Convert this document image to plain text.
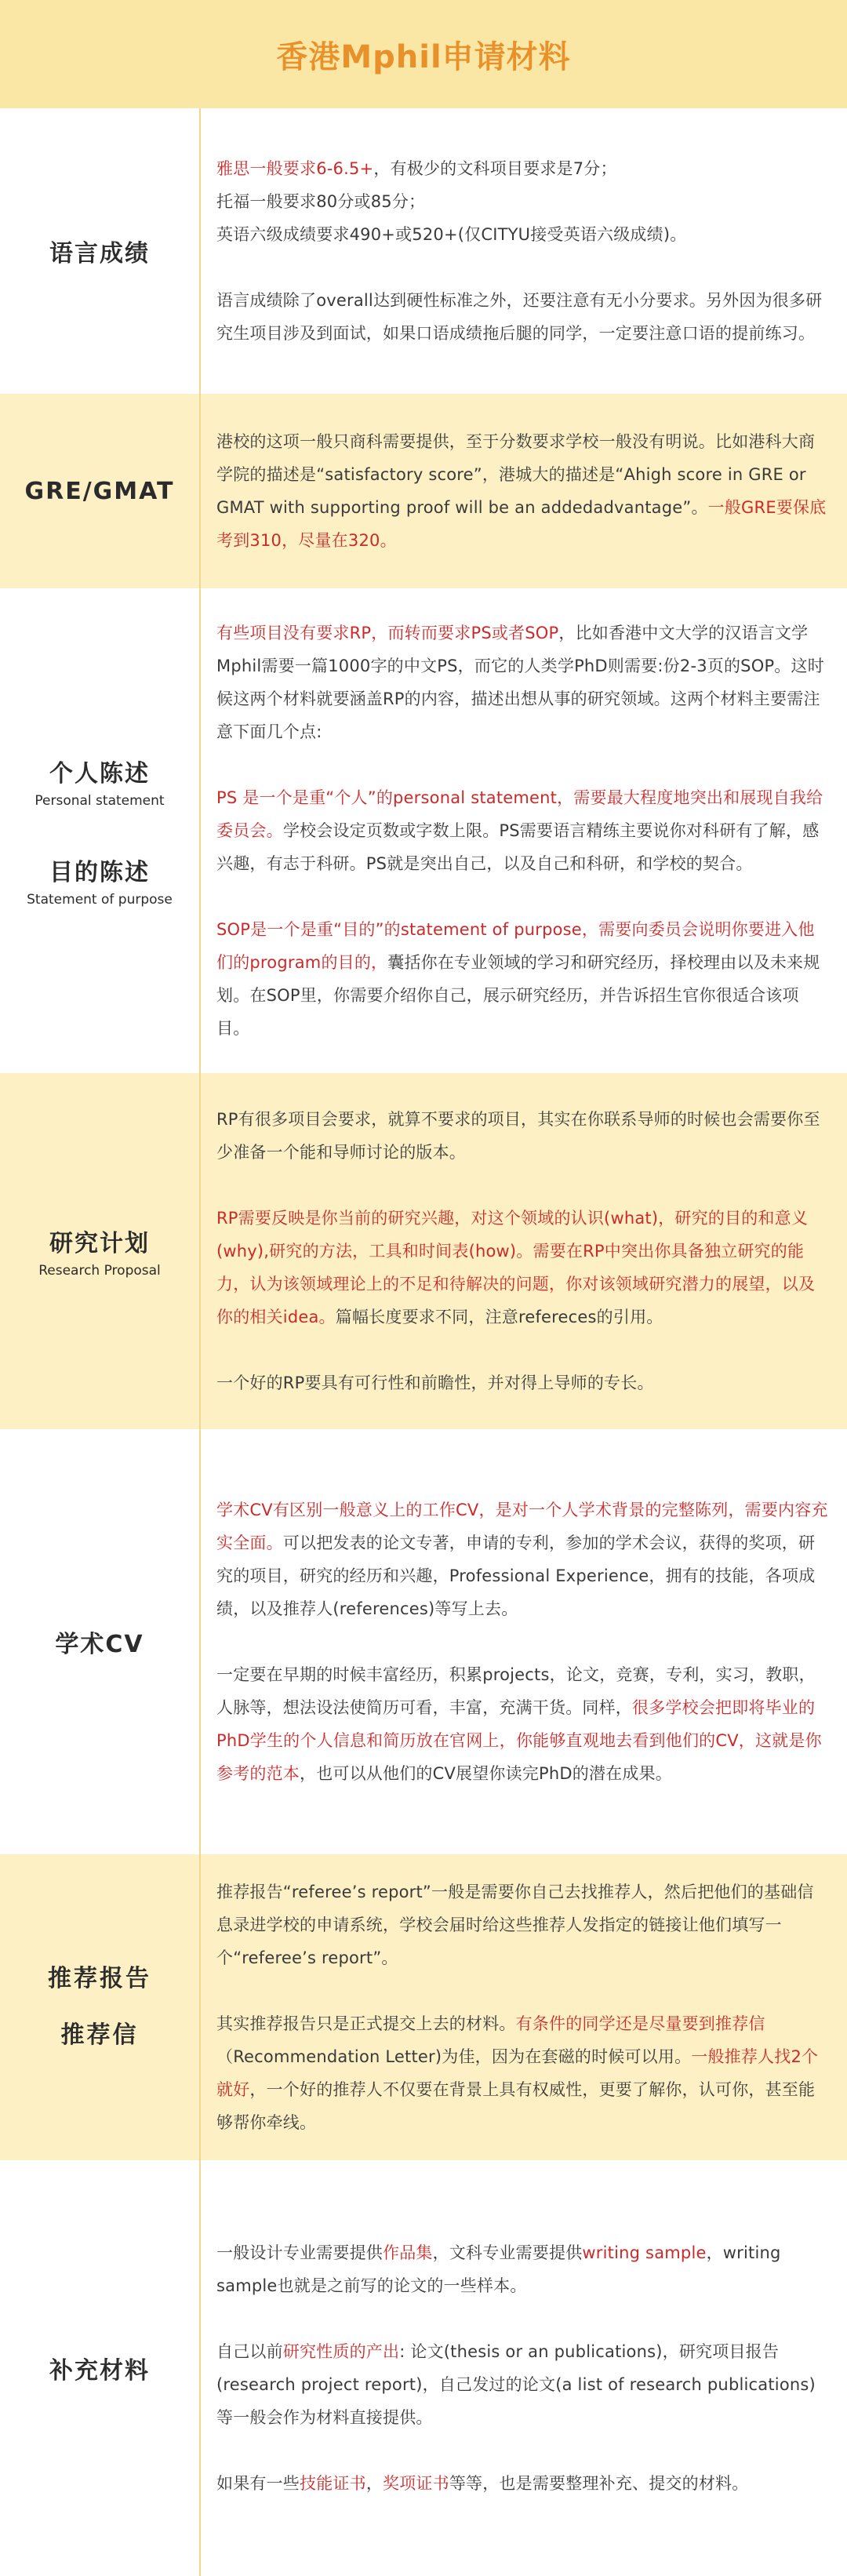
香港Mphil申请材料
语言成绩

雅思一般要求6-6.5+，有极少的文科项目要求是7分；
托福一般要求80分或85分；
英语六级成绩要求490+或520+(仅CITYU接受英语六级成绩)。

语言成绩除了overall达到硬性标准之外，还要注意有无小分要求。另外因为很多研究生项目涉及到面试，如果口语成绩拖后腿的同学，一定要注意口语的提前练习。

GRE/GMAT

港校的这项一般只商科需要提供，至于分数要求学校一般没有明说。比如港科大商学院的描述是“satisfactory score”，港城大的描述是“Ahigh score in GRE or GMAT with supporting proof will be an addedadvantage”。一般GRE要保底考到310，尽量在320。

个人陈述
Personal statement
目的陈述
Statement of purpose

有些项目没有要求RP，而转而要求PS或者SOP，比如香港中文大学的汉语言文学Mphil需要一篇1000字的中文PS，而它的人类学PhD则需要:份2-3页的SOP。这时候这两个材料就要涵盖RP的内容，描述出想从事的研究领域。这两个材料主要需注意下面几个点:

PS 是一个是重“个人”的personal statement，需要最大程度地突出和展现自我给委员会。学校会设定页数或字数上限。PS需要语言精练主要说你对科研有了解，感兴趣，有志于科研。PS就是突出自己，以及自己和科研，和学校的契合。

SOP是一个是重“目的”的statement of purpose，需要向委员会说明你要进入他们的program的目的，囊括你在专业领域的学习和研究经历，择校理由以及未来规划。在SOP里，你需要介绍你自己，展示研究经历，并告诉招生官你很适合该项目。

研究计划
Research Proposal

RP有很多项目会要求，就算不要求的项目，其实在你联系导师的时候也会需要你至少准备一个能和导师讨论的版本。

RP需要反映是你当前的研究兴趣，对这个领域的认识(what)，研究的目的和意义(why),研究的方法，工具和时间表(how)。需要在RP中突出你具备独立研究的能力，认为该领域理论上的不足和待解决的问题，你对该领域研究潜力的展望，以及你的相关idea。篇幅长度要求不同，注意refereces的引用。

一个好的RP要具有可行性和前瞻性，并对得上导师的专长。

学术CV

学术CV有区别一般意义上的工作CV，是对一个人学术背景的完整陈列，需要内容充实全面。可以把发表的论文专著，申请的专利，参加的学术会议，获得的奖项，研究的项目，研究的经历和兴趣，Professional Experience，拥有的技能，各项成绩，以及推荐人(references)等写上去。

一定要在早期的时候丰富经历，积累projects，论文，竞赛，专利，实习，教职，人脉等，想法设法使简历可看，丰富，充满干货。同样，很多学校会把即将毕业的PhD学生的个人信息和简历放在官网上，你能够直观地去看到他们的CV，这就是你参考的范本，也可以从他们的CV展望你读完PhD的潜在成果。

推荐报告
推荐信

推荐报告“referee’s report”一般是需要你自己去找推荐人，然后把他们的基础信息录进学校的申请系统，学校会届时给这些推荐人发指定的链接让他们填写一个“referee’s report”。

其实推荐报告只是正式提交上去的材料。有条件的同学还是尽量要到推荐信（Recommendation Letter)为佳，因为在套磁的时候可以用。一般推荐人找2个就好，一个好的推荐人不仅要在背景上具有权威性，更要了解你，认可你，甚至能够帮你牵线。

补充材料

一般设计专业需要提供作品集，文科专业需要提供writing sample，writing sample也就是之前写的论文的一些样本。

自己以前研究性质的产出: 论文(thesis or an publications)，研究项目报告(research project report)，自己发过的论文(a list of research publications) 等一般会作为材料直接提供。

如果有一些技能证书，奖项证书等等，也是需要整理补充、提交的材料。
